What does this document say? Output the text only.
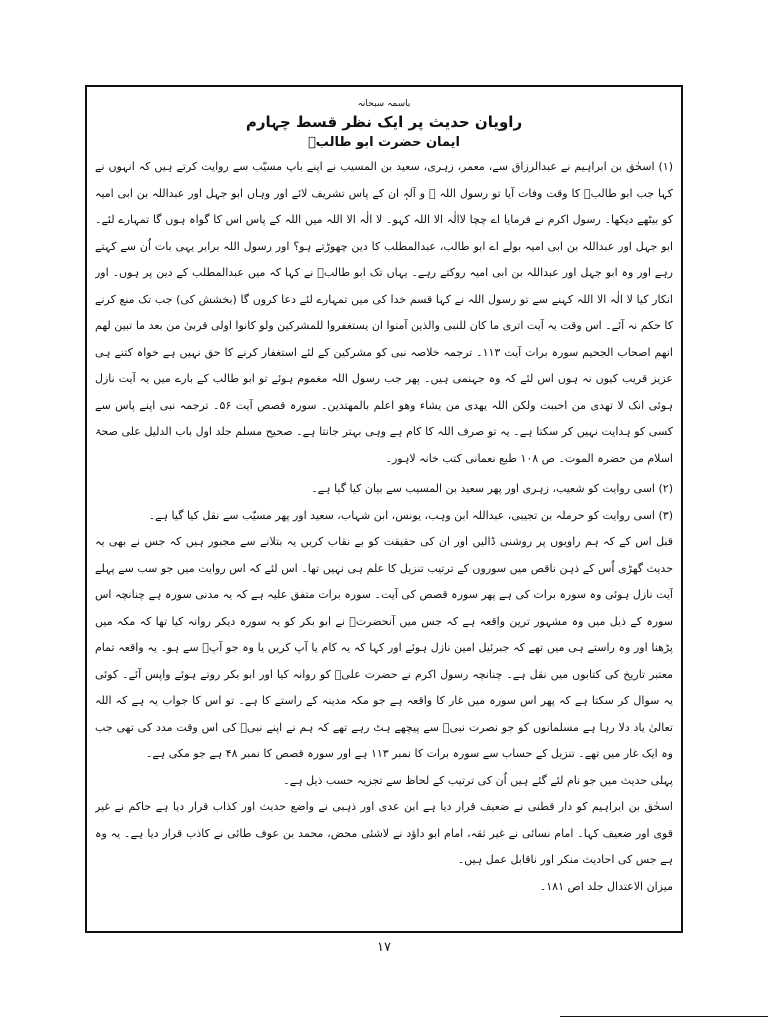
باسمہ سبحانہ
راویان حدیث پر ایک نظر قسط چہارم
ایمان حضرت ابو طالبؑ

(۱) اسحٰق بن ابراہیم نے عبدالرزاق سے، معمر، زہری، سعید بن المسیب نے اپنے باپ مسیّب سے روایت کرتے ہیں کہ انہوں نے کہا جب ابو طالبؑ کا وقت وفات آیا تو رسول اللہ ﷺ و آلہٖ ان کے پاس تشریف لائے اور وہاں ابو جہل اور عبداللہ بن ابی امیہ کو بیٹھے دیکھا۔ رسول اکرم نے فرمایا اے چچا لاالٰہ الا اللہ کہو۔ لا الٰہ الا اللہ میں اللہ کے پاس اس کا گواہ ہوں گا تمہارے لئے۔ ابو جہل اور عبداللہ بن ابی امیہ بولے اے ابو طالب، عبدالمطلب کا دین چھوڑتے ہو؟ اور رسول اللہ برابر یہی بات اُن سے کہتے رہے اور وہ ابو جہل اور عبداللہ بن ابی امیہ روکتے رہے۔ یہاں تک ابو طالبؑ نے کہا کہ میں عبدالمطلب کے دین پر ہوں۔ اور انکار کیا لا الٰہ الا اللہ کہنے سے تو رسول اللہ نے کہا قسم خدا کی میں تمہارے لئے دعا کروں گا (بخشش کی) جب تک منع کرنے کا حکم نہ آئے۔ اس وقت یہ آیت اتری ما کان للنبی والذین آمنوا ان یستغفروا للمشرکین ولو کانوا اولی قربیٰ من بعد ما تبین لھم انھم اصحاب الجحیم سورہ برات آیت ۱۱۳۔ ترجمہ خلاصہ نبی کو مشرکین کے لئے استغفار کرنے کا حق نہیں ہے خواہ کتنے ہی عزیز قریب کیوں نہ ہوں اس لئے کہ وہ جہنمی ہیں۔ پھر جب رسول اللہ مغموم ہوئے تو ابو طالب کے بارے میں یہ آیت نازل ہوئی انک لا تھدی من احببت ولکن اللہ یھدی من یشاء وھو اعلم بالمھتدین۔ سورہ قصص آیت ۵۶۔ ترجمہ نبی اپنے پاس سے کسی کو ہدایت نہیں کر سکتا ہے۔ یہ تو صرف اللہ کا کام ہے وہی بہتر جانتا ہے۔ صحیح مسلم جلد اول باب الدلیل علی صحۃ اسلام من حضرہ الموت۔ ص ۱۰۸ طبع نعمانی کتب خانہ لاہور۔

(۲) اسی روایت کو شعیب، زہری اور پھر سعید بن المسیب سے بیان کیا گیا ہے۔

(۳) اسی روایت کو حرملہ بن تجیبی، عبداللہ ابن وہب، یونس، ابن شہاب، سعید اور پھر مسیّب سے نقل کیا گیا ہے۔

قبل اس کے کہ ہم راویوں پر روشنی ڈالیں اور ان کی حقیقت کو بے نقاب کریں یہ بتلانے سے مجبور ہیں کہ جس نے بھی یہ حدیث گھڑی اُس کے ذہن ناقص میں سوروں کے ترتیب تنزیل کا علم ہی نہیں تھا۔ اس لئے کہ اس روایت میں جو سب سے پہلے آیت نازل ہوئی وہ سورہ برات کی ہے پھر سورہ قصص کی آیت۔ سورہ برات متفق علیہ ہے کہ یہ مدنی سورہ ہے چنانچہ اس سورہ کے ذیل میں وہ مشہور ترین واقعہ ہے کہ جس میں آنحضرتؐ نے ابو بکر کو یہ سورہ دیکر روانہ کیا تھا کہ مکہ میں پڑھنا اور وہ راستے ہی میں تھے کہ جبرئیل امین نازل ہوئے اور کہا کہ یہ کام یا آپ کریں یا وہ جو آپؐ سے ہو۔ یہ واقعہ تمام معتبر تاریخ کی کتابوں میں نقل ہے۔ چنانچہ رسول اکرم نے حضرت علیؑ کو روانہ کیا اور ابو بکر روتے ہوئے واپس آئے۔ کوئی یہ سوال کر سکتا ہے کہ پھر اس سورہ میں غار کا واقعہ ہے جو مکہ مدینہ کے راستے کا ہے۔ تو اس کا جواب یہ ہے کہ اللہ تعالیٰ یاد دلا رہا ہے مسلمانوں کو جو نصرت نبیؐ سے پیچھے ہٹ رہے تھے کہ ہم نے اپنے نبیؐ کی اس وقت مدد کی تھی جب وہ ایک غار میں تھے۔ تنزیل کے حساب سے سورہ برات کا نمبر ۱۱۳ ہے اور سورہ قصص کا نمبر ۴۸ ہے جو مکی ہے۔

پہلی حدیث میں جو نام لئے گئے ہیں اُن کی ترتیب کے لحاظ سے تجزیہ حسب ذیل ہے۔

اسحٰق بن ابراہیم کو دار قطنی نے ضعیف قرار دیا ہے ابن عدی اور ذہبی نے واضع حدیث اور کذاب قرار دیا ہے حاکم نے غیر قوی اور ضعیف کہا۔ امام نسائی نے غیر ثقہ، امام ابو داؤد نے لاشئی محض، محمد بن عوف طائی نے کاذب قرار دیا ہے۔ یہ وہ ہے جس کی احادیث منکر اور ناقابل عمل ہیں۔

میزان الاعتدال جلد اص ۱۸۱۔

۱۷
